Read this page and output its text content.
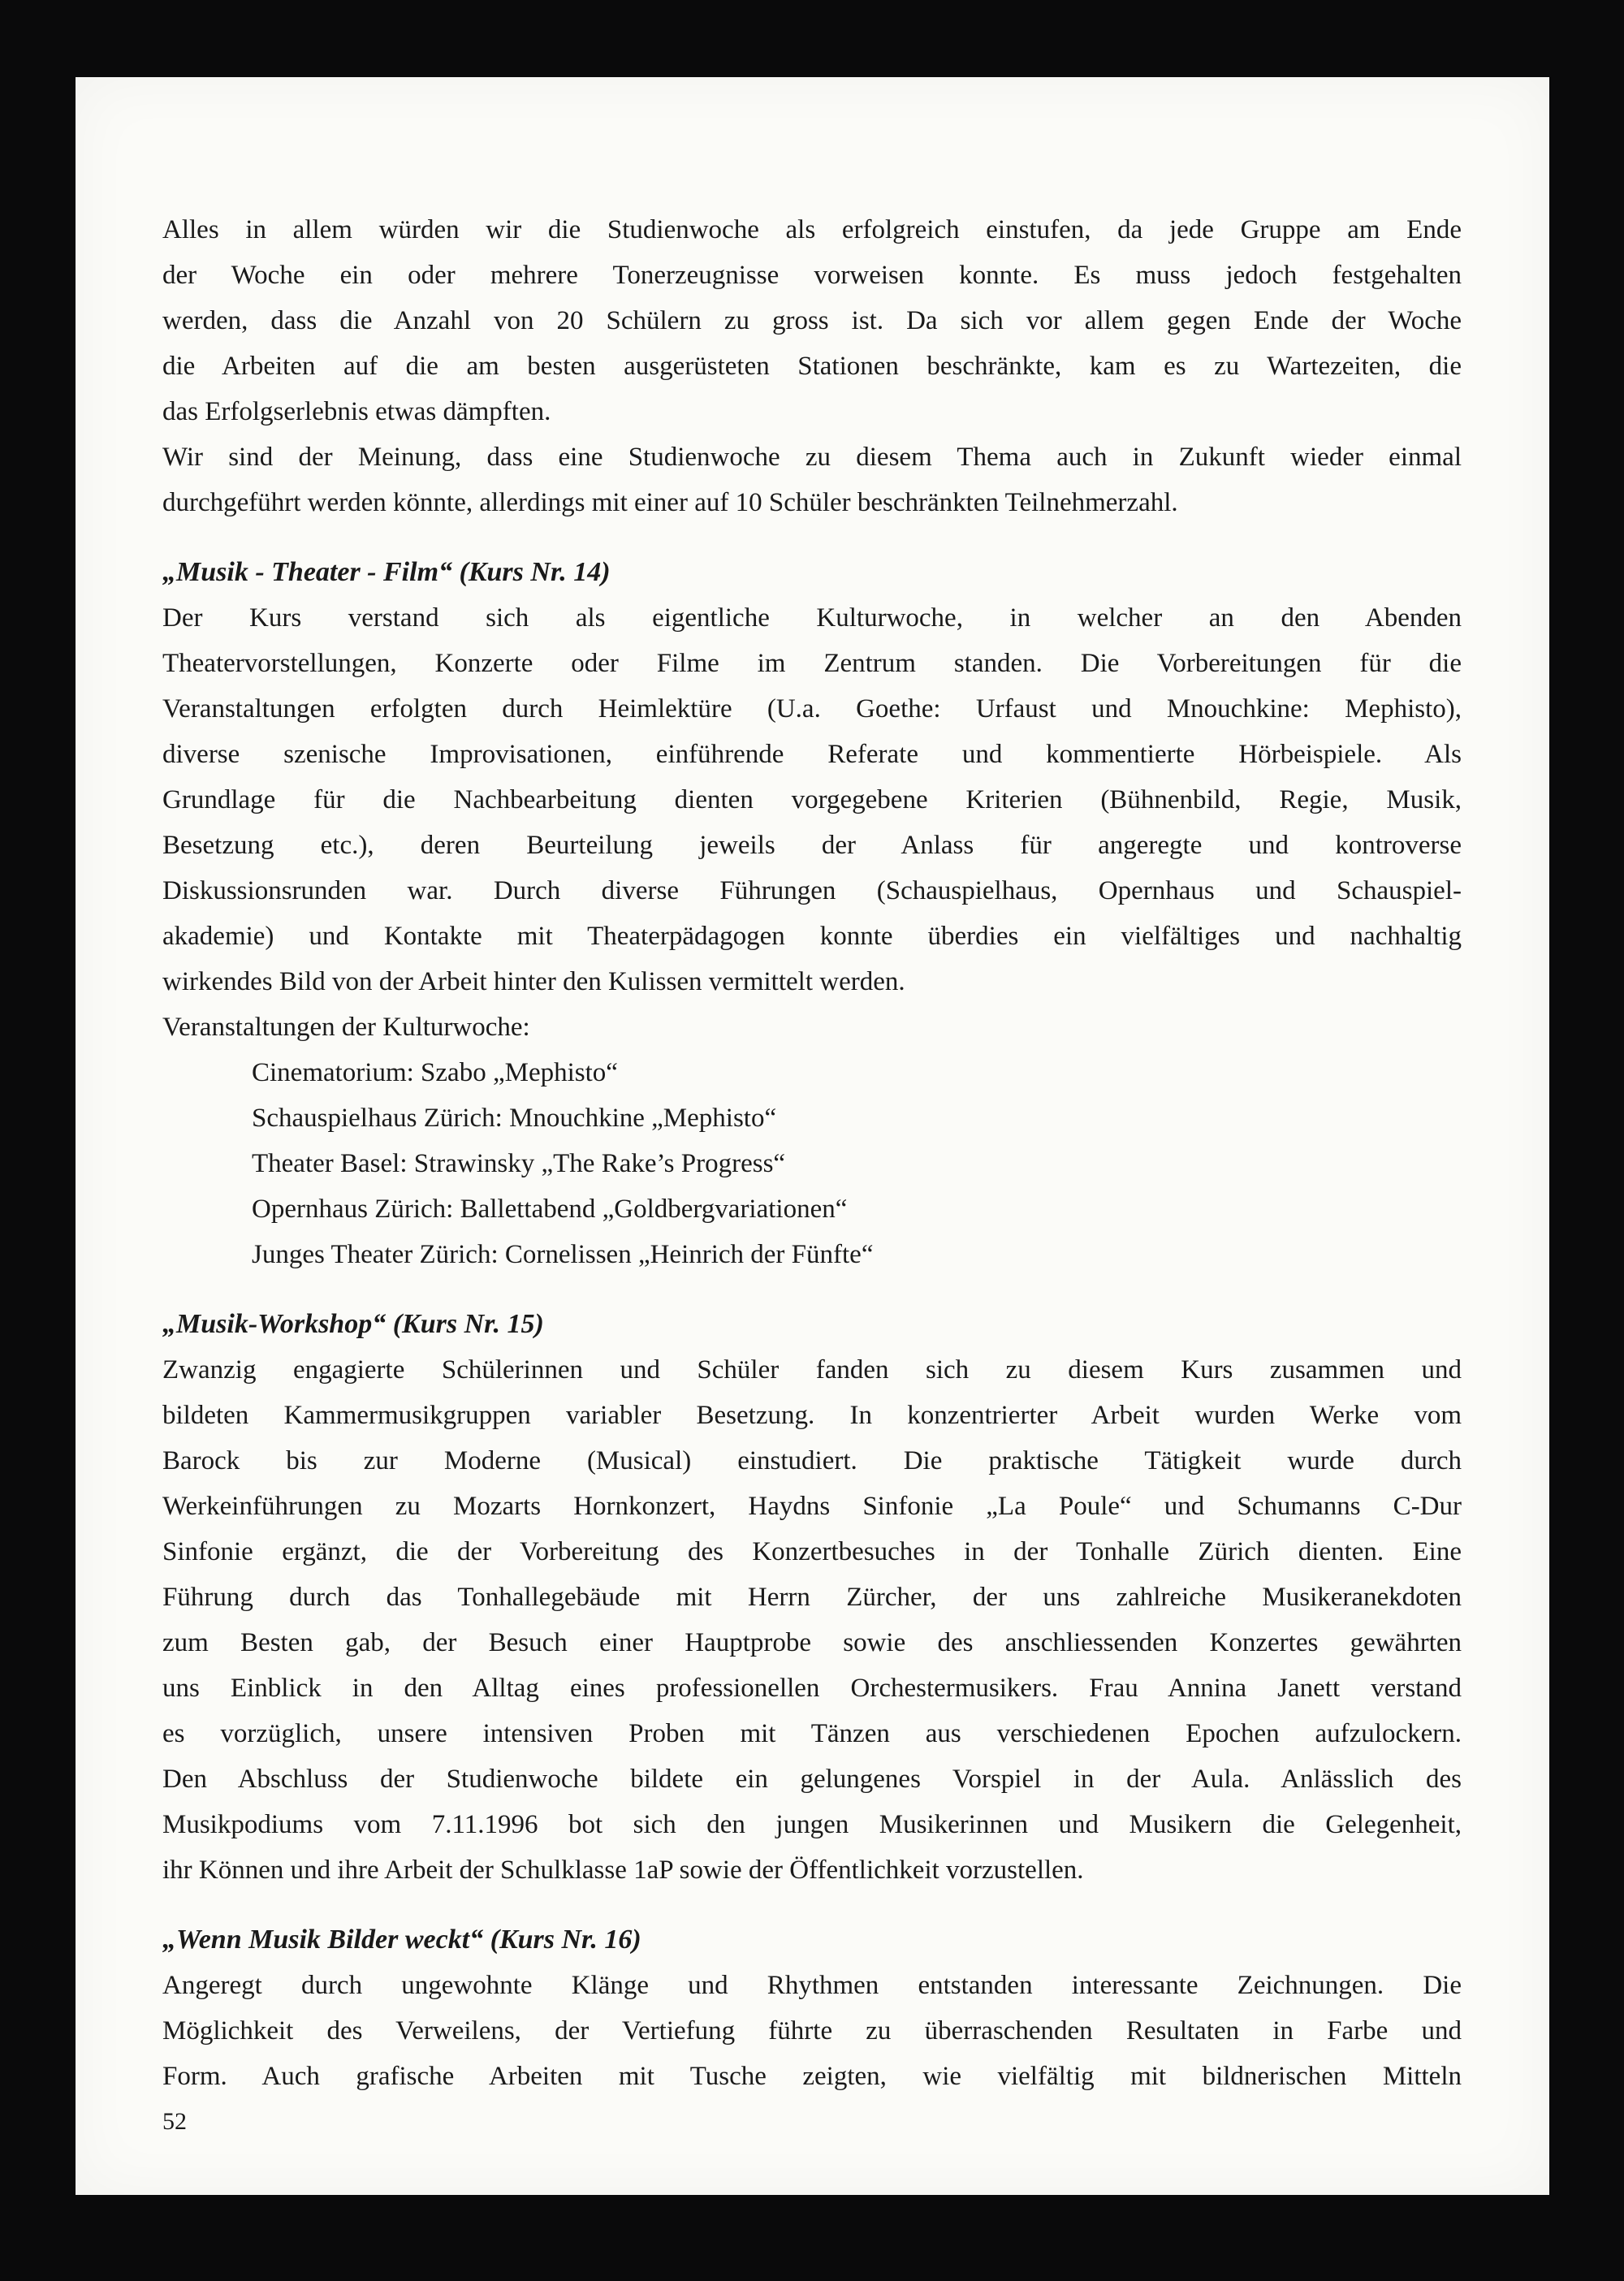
Alles in allem würden wir die Studienwoche als erfolgreich einstufen, da jede Gruppe am Ende
der Woche ein oder mehrere Tonerzeugnisse vorweisen konnte. Es muss jedoch festgehalten
werden, dass die Anzahl von 20 Schülern zu gross ist. Da sich vor allem gegen Ende der Woche
die Arbeiten auf die am besten ausgerüsteten Stationen beschränkte, kam es zu Wartezeiten, die
das Erfolgserlebnis etwas dämpften.
Wir sind der Meinung, dass eine Studienwoche zu diesem Thema auch in Zukunft wieder einmal
durchgeführt werden könnte, allerdings mit einer auf 10 Schüler beschränkten Teilnehmerzahl.
„Musik - Theater - Film“ (Kurs Nr. 14)
Der Kurs verstand sich als eigentliche Kulturwoche, in welcher an den Abenden
Theatervorstellungen, Konzerte oder Filme im Zentrum standen. Die Vorbereitungen für die
Veranstaltungen erfolgten durch Heimlektüre (U.a. Goethe: Urfaust und Mnouchkine: Mephisto),
diverse szenische Improvisationen, einführende Referate und kommentierte Hörbeispiele. Als
Grundlage für die Nachbearbeitung dienten vorgegebene Kriterien (Bühnenbild, Regie, Musik,
Besetzung etc.), deren Beurteilung jeweils der Anlass für angeregte und kontroverse
Diskussionsrunden war. Durch diverse Führungen (Schauspielhaus, Opernhaus und Schauspiel-
akademie) und Kontakte mit Theaterpädagogen konnte überdies ein vielfältiges und nachhaltig
wirkendes Bild von der Arbeit hinter den Kulissen vermittelt werden.
Veranstaltungen der Kulturwoche:
Cinematorium: Szabo „Mephisto“
Schauspielhaus Zürich: Mnouchkine „Mephisto“
Theater Basel: Strawinsky „The Rake’s Progress“
Opernhaus Zürich: Ballettabend „Goldbergvariationen“
Junges Theater Zürich: Cornelissen „Heinrich der Fünfte“
„Musik-Workshop“ (Kurs Nr. 15)
Zwanzig engagierte Schülerinnen und Schüler fanden sich zu diesem Kurs zusammen und
bildeten Kammermusikgruppen variabler Besetzung. In konzentrierter Arbeit wurden Werke vom
Barock bis zur Moderne (Musical) einstudiert. Die praktische Tätigkeit wurde durch
Werkeinführungen zu Mozarts Hornkonzert, Haydns Sinfonie „La Poule“ und Schumanns C-Dur
Sinfonie ergänzt, die der Vorbereitung des Konzertbesuches in der Tonhalle Zürich dienten. Eine
Führung durch das Tonhallegebäude mit Herrn Zürcher, der uns zahlreiche Musikeranekdoten
zum Besten gab, der Besuch einer Hauptprobe sowie des anschliessenden Konzertes gewährten
uns Einblick in den Alltag eines professionellen Orchestermusikers. Frau Annina Janett verstand
es vorzüglich, unsere intensiven Proben mit Tänzen aus verschiedenen Epochen aufzulockern.
Den Abschluss der Studienwoche bildete ein gelungenes Vorspiel in der Aula. Anlässlich des
Musikpodiums vom 7.11.1996 bot sich den jungen Musikerinnen und Musikern die Gelegenheit,
ihr Können und ihre Arbeit der Schulklasse 1aP sowie der Öffentlichkeit vorzustellen.
„Wenn Musik Bilder weckt“ (Kurs Nr. 16)
Angeregt durch ungewohnte Klänge und Rhythmen entstanden interessante Zeichnungen. Die
Möglichkeit des Verweilens, der Vertiefung führte zu überraschenden Resultaten in Farbe und
Form. Auch grafische Arbeiten mit Tusche zeigten, wie vielfältig mit bildnerischen Mitteln
52
